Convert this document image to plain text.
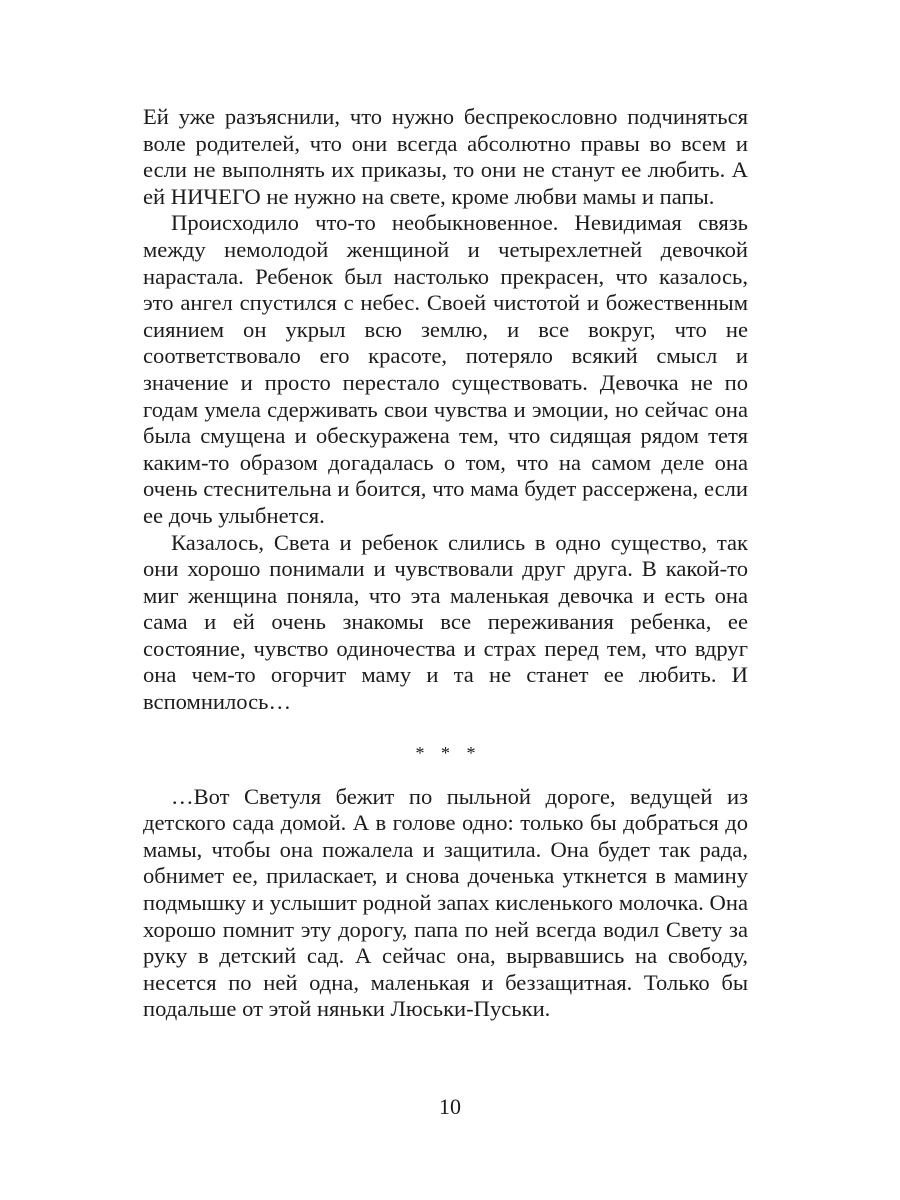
Ей уже разъяснили, что нужно беспрекословно подчиняться воле родителей, что они всегда абсолютно правы во всем и если не выполнять их приказы, то они не станут ее любить. А ей НИЧЕГО не нужно на свете, кроме любви мамы и папы.

Происходило что-то необыкновенное. Невидимая связь между немолодой женщиной и четырехлетней девочкой нарастала. Ребенок был настолько прекрасен, что казалось, это ангел спустился с небес. Своей чистотой и божественным сиянием он укрыл всю землю, и все вокруг, что не соответствовало его красоте, потеряло всякий смысл и значение и просто перестало существовать. Девочка не по годам умела сдерживать свои чувства и эмоции, но сейчас она была смущена и обескуражена тем, что сидящая рядом тетя каким-то образом догадалась о том, что на самом деле она очень стеснительна и боится, что мама будет рассержена, если ее дочь улыбнется.

Казалось, Света и ребенок слились в одно существо, так они хорошо понимали и чувствовали друг друга. В какой-то миг женщина поняла, что эта маленькая девочка и есть она сама и ей очень знакомы все переживания ребенка, ее состояние, чувство одиночества и страх перед тем, что вдруг она чем-то огорчит маму и та не станет ее любить. И вспомнилось…

* * *

…Вот Светуля бежит по пыльной дороге, ведущей из детского сада домой. А в голове одно: только бы добраться до мамы, чтобы она пожалела и защитила. Она будет так рада, обнимет ее, приласкает, и снова доченька уткнется в мамину подмышку и услышит родной запах кисленького молочка. Она хорошо помнит эту дорогу, папа по ней всегда водил Свету за руку в детский сад. А сейчас она, вырвавшись на свободу, несется по ней одна, маленькая и беззащитная. Только бы подальше от этой няньки Люськи-Пуськи.

10
